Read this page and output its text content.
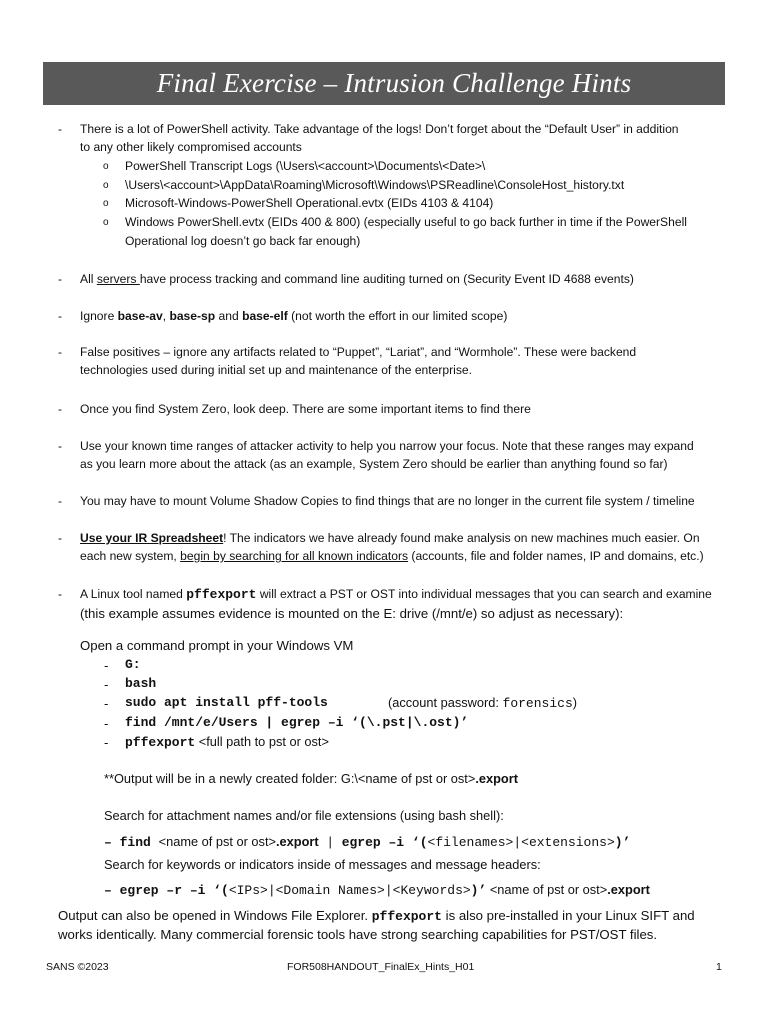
Final Exercise – Intrusion Challenge Hints
- There is a lot of PowerShell activity. Take advantage of the logs! Don’t forget about the “Default User” in addition
to any other likely compromised accounts
o PowerShell Transcript Logs (\Users\<account>\Documents\<Date>\
o \Users\<account>\AppData\Roaming\Microsoft\Windows\PSReadline\ConsoleHost_history.txt
o Microsoft-Windows-PowerShell Operational.evtx (EIDs 4103 & 4104)
o Windows PowerShell.evtx (EIDs 400 & 800) (especially useful to go back further in time if the PowerShell
Operational log doesn’t go back far enough)
- All servers have process tracking and command line auditing turned on (Security Event ID 4688 events)
- Ignore base-av, base-sp and base-elf (not worth the effort in our limited scope)
- False positives – ignore any artifacts related to “Puppet”, “Lariat”, and “Wormhole”. These were backend
technologies used during initial set up and maintenance of the enterprise.
- Once you find System Zero, look deep. There are some important items to find there
- Use your known time ranges of attacker activity to help you narrow your focus. Note that these ranges may expand
as you learn more about the attack (as an example, System Zero should be earlier than anything found so far)
- You may have to mount Volume Shadow Copies to find things that are no longer in the current file system / timeline
- Use your IR Spreadsheet! The indicators we have already found make analysis on new machines much easier. On
each new system, begin by searching for all known indicators (accounts, file and folder names, IP and domains, etc.)
- A Linux tool named pffexport will extract a PST or OST into individual messages that you can search and examine
(this example assumes evidence is mounted on the E: drive (/mnt/e) so adjust as necessary):
Open a command prompt in your Windows VM
- G:
- bash
- sudo apt install pff-tools	(account password: forensics)
- find /mnt/e/Users | egrep –i ‘(\.pst|\.ost)’
- pffexport <full path to pst or ost>
**Output will be in a newly created folder: G:\<name of pst or ost>.export
Search for attachment names and/or file extensions (using bash shell):
– find <name of pst or ost>.export | egrep –i ‘(<filenames>|<extensions>)’
Search for keywords or indicators inside of messages and message headers:
– egrep –r –i ‘(<IPs>|<Domain Names>|<Keywords>)’ <name of pst or ost>.export
Output can also be opened in Windows File Explorer. pffexport is also pre-installed in your Linux SIFT and
works identically. Many commercial forensic tools have strong searching capabilities for PST/OST files.
SANS ©2023	FOR508HANDOUT_FinalEx_Hints_H01	1
